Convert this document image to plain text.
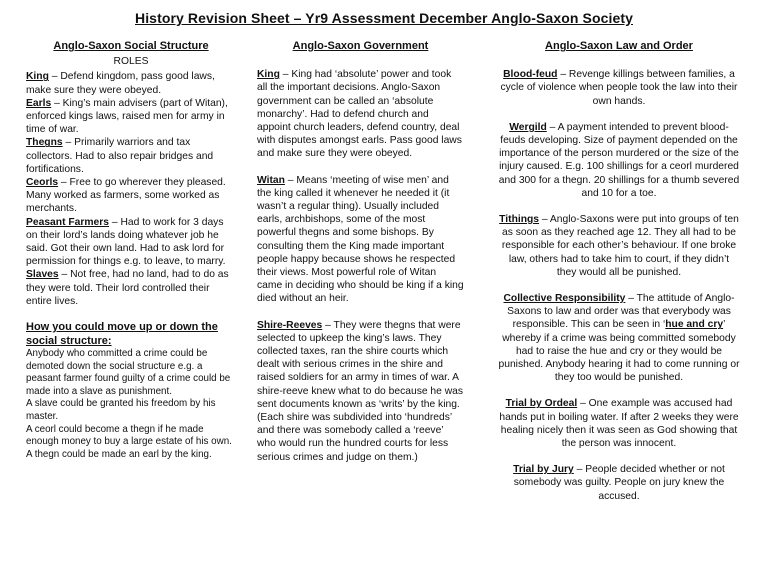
History Revision Sheet – Yr9 Assessment December Anglo-Saxon Society
Anglo-Saxon Social Structure
ROLES

King – Defend kingdom, pass good laws, make sure they were obeyed.

Earls – King’s main advisers (part of Witan), enforced kings laws, raised men for army in time of war.

Thegns – Primarily warriors and tax collectors. Had to also repair bridges and fortifications.

Ceorls – Free to go wherever they pleased. Many worked as farmers, some worked as merchants.

Peasant Farmers – Had to work for 3 days on their lord’s lands doing whatever job he said. Got their own land. Had to ask lord for permission for things e.g. to leave, to marry.

Slaves – Not free, had no land, had to do as they were told. Their lord controlled their entire lives.

How you could move up or down the social structure:

Anybody who committed a crime could be demoted down the social structure e.g. a peasant farmer found guilty of a crime could be made into a slave as punishment.

A slave could be granted his freedom by his master.

A ceorl could become a thegn if he made enough money to buy a large estate of his own.

A thegn could be made an earl by the king.

Anglo-Saxon Government

King – King had ‘absolute’ power and took all the important decisions. Anglo-Saxon government can be called an ‘absolute monarchy’. Had to defend church and appoint church leaders, defend country, deal with disputes amongst earls. Pass good laws and make sure they were obeyed.

Witan – Means ‘meeting of wise men’ and the king called it whenever he needed it (it wasn’t a regular thing). Usually included earls, archbishops, some of the most powerful thegns and some bishops. By consulting them the King made important people happy because shows he respected their views. Most powerful role of Witan came in deciding who should be king if a king died without an heir.

Shire-Reeves – They were thegns that were selected to upkeep the king’s laws. They collected taxes, ran the shire courts which dealt with serious crimes in the shire and raised soldiers for an army in times of war. A shire-reeve knew what to do because he was sent documents known as ‘writs’ by the king.

(Each shire was subdivided into ‘hundreds’ and there was somebody called a ‘reeve’ who would run the hundred courts for less serious crimes and judge on them.)

Anglo-Saxon Law and Order

Blood-feud – Revenge killings between families, a cycle of violence when people took the law into their own hands.

Wergild – A payment intended to prevent blood-feuds developing. Size of payment depended on the importance of the person murdered or the size of the injury caused. E.g. 100 shillings for a ceorl murdered and 300 for a thegn. 20 shillings for a thumb severed and 10 for a toe.

Tithings – Anglo-Saxons were put into groups of ten as soon as they reached age 12. They all had to be responsible for each other’s behaviour. If one broke law, others had to take him to court, if they didn’t they would all be punished.

Collective Responsibility – The attitude of Anglo-Saxons to law and order was that everybody was responsible. This can be seen in ‘hue and cry’ whereby if a crime was being committed somebody had to raise the hue and cry or they would be punished. Anybody hearing it had to come running or they too would be punished.

Trial by Ordeal – One example was accused had hands put in boiling water. If after 2 weeks they were healing nicely then it was seen as God showing that the person was innocent.

Trial by Jury – People decided whether or not somebody was guilty. People on jury knew the accused.
